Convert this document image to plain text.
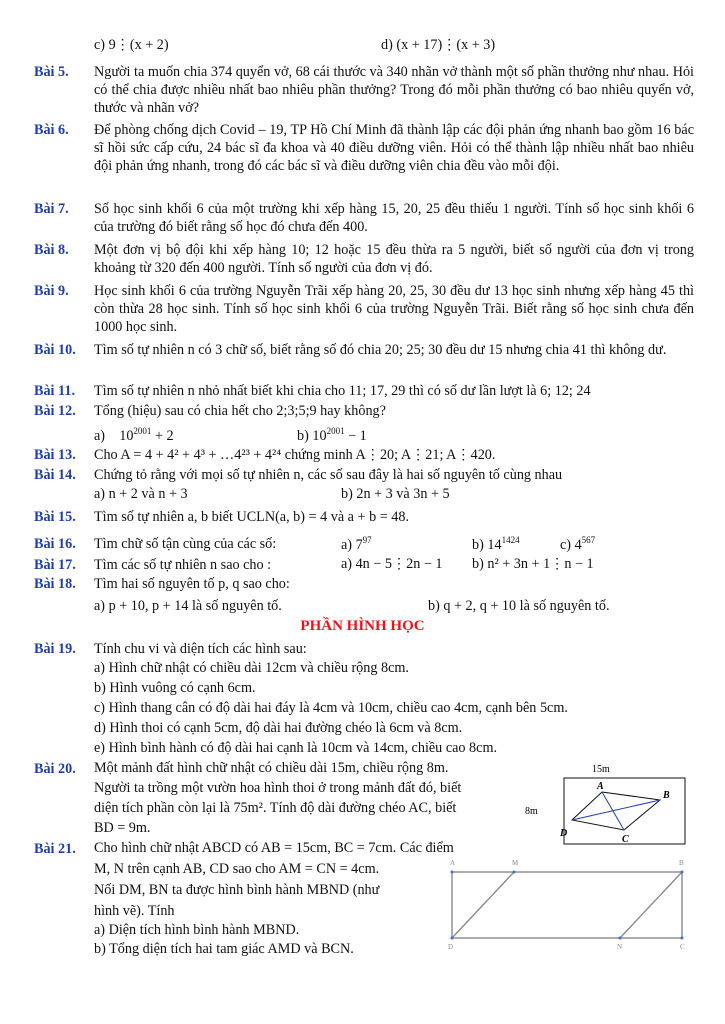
c) 9⋮(x + 2)	d) (x + 17)⋮(x + 3)
Bài 5.	Người ta muốn chia 374 quyển vở, 68 cái thước và 340 nhãn vở thành một số phần thưởng như nhau. Hỏi có thể chia được nhiều nhất bao nhiêu phần thưởng? Trong đó mỗi phần thưởng có bao nhiêu quyển vở, thước và nhãn vở?
Bài 6.	Để phòng chống dịch Covid – 19, TP Hồ Chí Minh đã thành lập các đội phản ứng nhanh bao gồm 16 bác sĩ hồi sức cấp cứu, 24 bác sĩ đa khoa và 40 điều dưỡng viên. Hỏi có thể thành lập nhiều nhất bao nhiêu đội phản ứng nhanh, trong đó các bác sĩ và điều dưỡng viên chia đều vào mỗi đội.
Bài 7.	Số học sinh khối 6 của một trường khi xếp hàng 15, 20, 25 đều thiếu 1 người. Tính số học sinh khối 6 của trường đó biết rằng số học đó chưa đến 400.
Bài 8.	Một đơn vị bộ đội khi xếp hàng 10; 12 hoặc 15 đều thừa ra 5 người, biết số người của đơn vị trong khoảng từ 320 đến 400 người. Tính số người của đơn vị đó.
Bài 9.	Học sinh khối 6 của trường Nguyễn Trãi xếp hàng 20, 25, 30 đều dư 13 học sinh nhưng xếp hàng 45 thì còn thừa 28 học sinh. Tính số học sinh khối 6 của trường Nguyễn Trãi. Biết rằng số học sinh chưa đến 1000 học sinh.
Bài 10.	Tìm số tự nhiên n có 3 chữ số, biết rằng số đó chia 20; 25; 30 đều dư 15 nhưng chia 41 thì không dư.
Bài 11.	Tìm số tự nhiên n nhỏ nhất biết khi chia cho 11; 17, 29 thì có số dư lần lượt là 6; 12; 24
Bài 12.	Tổng (hiệu) sau có chia hết cho 2;3;5;9 hay không?
a) $10^{2001} + 2$	b) $10^{2001} - 1$
Bài 13.	Cho A = 4 + 4² + 4³ + …4²³ + 4²⁴ chứng minh A⋮20; A⋮21; A⋮420.
Bài 14.	Chứng tỏ rằng với mọi số tự nhiên n, các số sau đây là hai số nguyên tố cùng nhau
a) n + 2 và n + 3	b) 2n + 3 và 3n + 5
Bài 15.	Tìm số tự nhiên a, b biết UCLN(a, b) = 4 và a + b = 48.
Bài 16.	Tìm chữ số tận cùng của các số:	a) $7^{97}$	b) $14^{1424}$	c) $4^{567}$
Bài 17.	Tìm các số tự nhiên n sao cho :	a) 4n − 5⋮2n − 1 b) n² + 3n + 1⋮n − 1
Bài 18.	Tìm hai số nguyên tố p, q sao cho:
a) p + 10, p + 14 là số nguyên tố.	b) q + 2, q + 10 là số nguyên tố.
PHẦN HÌNH HỌC
Bài 19.	Tính chu vi và diện tích các hình sau:
a) Hình chữ nhật có chiều dài 12cm và chiều rộng 8cm.
b) Hình vuông có cạnh 6cm.
c) Hình thang cân có độ dài hai đáy là 4cm và 10cm, chiều cao 4cm, cạnh bên 5cm.
d) Hình thoi có cạnh 5cm, độ dài hai đường chéo là 6cm và 8cm.
e) Hình bình hành có độ dài hai cạnh là 10cm và 14cm, chiều cao 8cm.
Bài 20.	Một mảnh đất hình chữ nhật có chiều dài 15m, chiều rộng 8m.
Người ta trồng một vườn hoa hình thoi ở trong mảnh đất đó, biết
diện tích phần còn lại là 75m². Tính độ dài đường chéo AC, biết
BD = 9m.
15m
8m
A
B
C
D
Bài 21.	Cho hình chữ nhật ABCD có AB = 15cm, BC = 7cm. Các điểm
M, N trên cạnh AB, CD sao cho AM = CN = 4cm.
Nối DM, BN ta được hình bình hành MBND (như
hình vẽ). Tính
a) Diện tích hình bình hành MBND.
b) Tổng diện tích hai tam giác AMD và BCN.
A	M	B
D	N	C
